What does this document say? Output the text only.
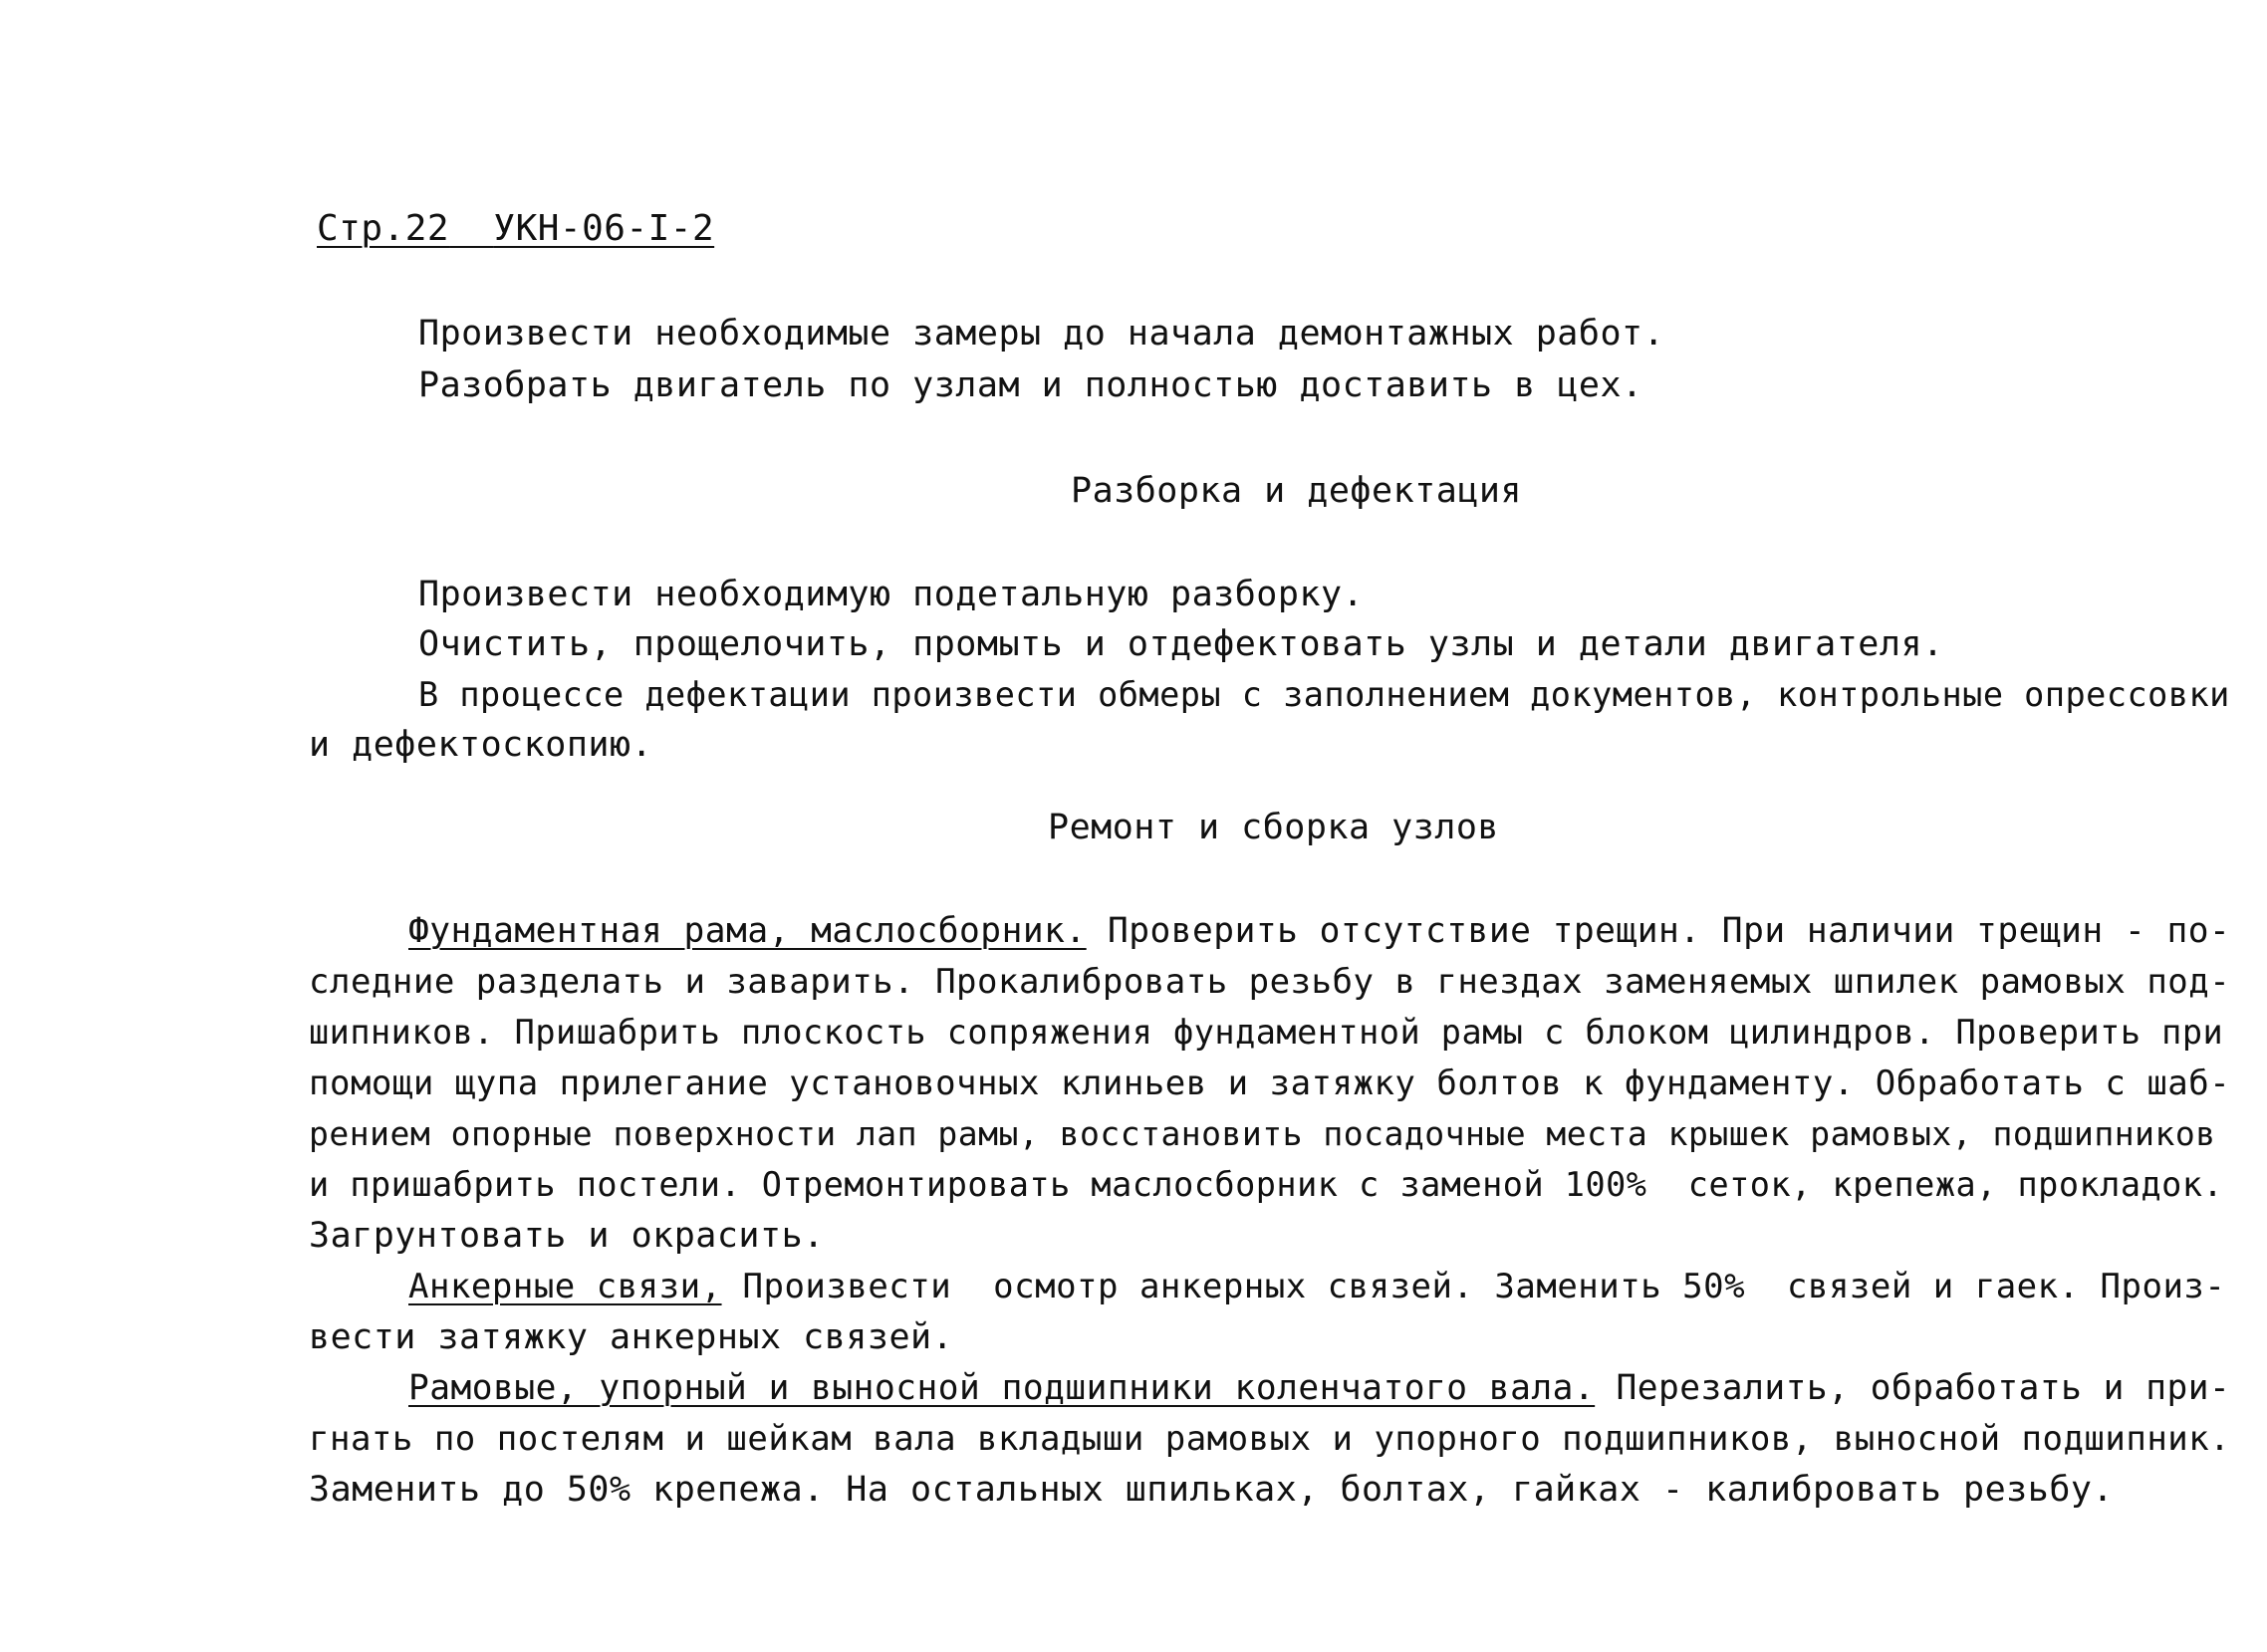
Стр.22 УКН-06-I-2
Произвести необходимые замеры до начала демонтажных работ.
Разобрать двигатель по узлам и полностью доставить в цех.
Разборка и дефектация
Произвести необходимую подетальную разборку.
Очистить, прощелочить, промыть и отдефектовать узлы и детали двигателя.
В процессе дефектации произвести обмеры с заполнением документов, контрольные опрессовки
и дефектоскопию.
Ремонт и сборка узлов
Фундаментная рама, маслосборник. Проверить отсутствие трещин. При наличии трещин - по-
следние разделать и заварить. Прокалибровать резьбу в гнездах заменяемых шпилек рамовых под-
шипников. Пришабрить плоскость сопряжения фундаментной рамы с блоком цилиндров. Проверить при
помощи щупа прилегание установочных клиньев и затяжку болтов к фундаменту. Обработать с шаб-
рением опорные поверхности лап рамы, восстановить посадочные места крышек рамовых, подшипников
и пришабрить постели. Отремонтировать маслосборник с заменой 100%  сеток, крепежа, прокладок.
Загрунтовать и окрасить.
Анкерные связи, Произвести  осмотр анкерных связей. Заменить 50%  связей и гаек. Произ-
вести затяжку анкерных связей.
Рамовые, упорный и выносной подшипники коленчатого вала. Перезалить, обработать и при-
гнать по постелям и шейкам вала вкладыши рамовых и упорного подшипников, выносной подшипник.
Заменить до 50% крепежа. На остальных шпильках, болтах, гайках - калибровать резьбу.
